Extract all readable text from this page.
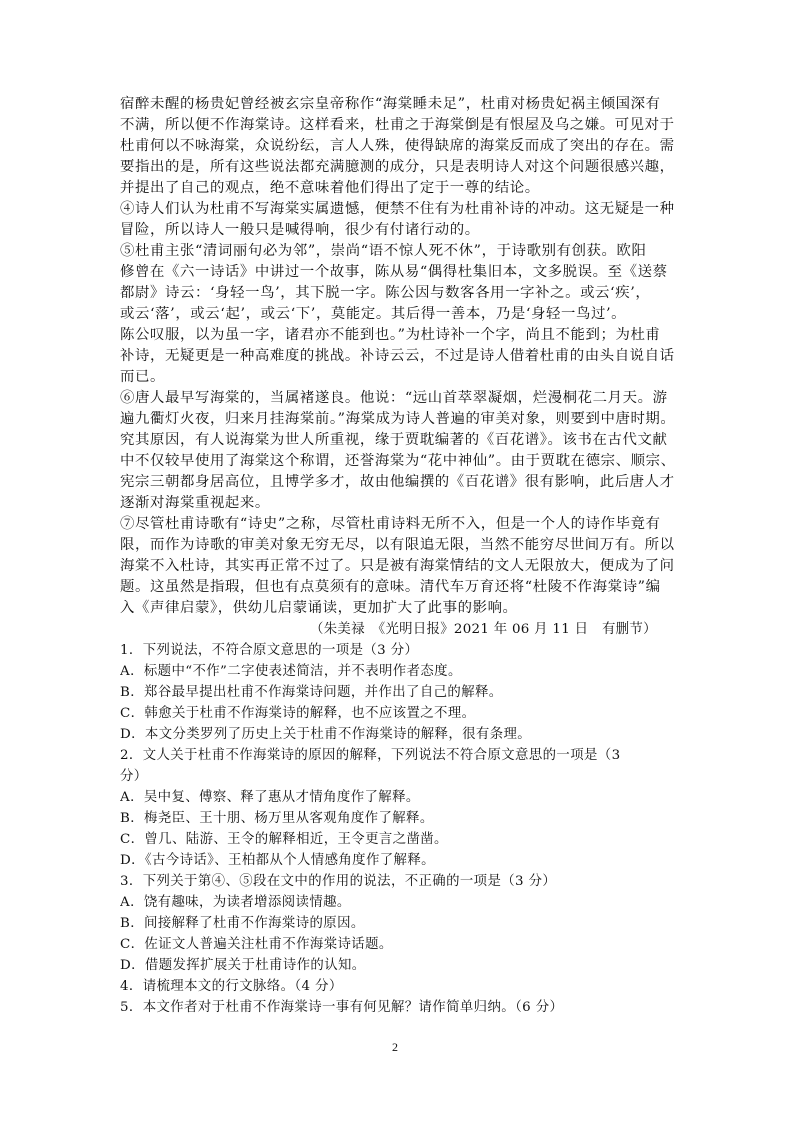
宿醉未醒的杨贵妃曾经被玄宗皇帝称作“海棠睡未足”，杜甫对杨贵妃祸主倾国深有
不满，所以便不作海棠诗。这样看来，杜甫之于海棠倒是有恨屋及乌之嫌。可见对于
杜甫何以不咏海棠，众说纷纭，言人人殊，使得缺席的海棠反而成了突出的存在。需
要指出的是，所有这些说法都充满臆测的成分，只是表明诗人对这个问题很感兴趣，
并提出了自己的观点，绝不意味着他们得出了定于一尊的结论。
④诗人们认为杜甫不写海棠实属遗憾，便禁不住有为杜甫补诗的冲动。这无疑是一种
冒险，所以诗人一般只是喊得响，很少有付诸行动的。
⑤杜甫主张“清词丽句必为邻”，崇尚“语不惊人死不休”，于诗歌别有创获。欧阳
修曾在《六一诗话》中讲过一个故事，陈从易“偶得杜集旧本，文多脱误。至《送蔡
都尉》诗云：‘身轻一鸟’，其下脱一字。陈公因与数客各用一字补之。或云‘疾’，
或云‘落’，或云‘起’，或云‘下’，莫能定。其后得一善本，乃是‘身轻一鸟过’。
陈公叹服，以为虽一字，诸君亦不能到也。”为杜诗补一个字，尚且不能到；为杜甫
补诗，无疑更是一种高难度的挑战。补诗云云，不过是诗人借着杜甫的由头自说自话
而已。
⑥唐人最早写海棠的，当属褚遂良。他说：“远山首萃翠凝烟，烂漫桐花二月天。游
遍九衢灯火夜，归来月挂海棠前。”海棠成为诗人普遍的审美对象，则要到中唐时期。
究其原因，有人说海棠为世人所重视，缘于贾耽编著的《百花谱》。该书在古代文献
中不仅较早使用了海棠这个称谓，还誉海棠为“花中神仙”。由于贾耽在德宗、顺宗、
宪宗三朝都身居高位，且博学多才，故由他编撰的《百花谱》很有影响，此后唐人才
逐渐对海棠重视起来。
⑦尽管杜甫诗歌有“诗史”之称，尽管杜甫诗料无所不入，但是一个人的诗作毕竟有
限，而作为诗歌的审美对象无穷无尽，以有限追无限，当然不能穷尽世间万有。所以
海棠不入杜诗，其实再正常不过了。只是被有海棠情结的文人无限放大，便成为了问
题。这虽然是指瑕，但也有点莫须有的意味。清代车万育还将“杜陵不作海棠诗”编
入《声律启蒙》，供幼儿启蒙诵读，更加扩大了此事的影响。
（朱美禄　《光明日报》2021 年 06 月 11 日　有删节）
1．下列说法，不符合原文意思的一项是（3 分）
A．标题中“不作”二字使表述简洁，并不表明作者态度。
B．郑谷最早提出杜甫不作海棠诗问题，并作出了自己的解释。
C．韩愈关于杜甫不作海棠诗的解释，也不应该置之不理。
D．本文分类罗列了历史上关于杜甫不作海棠诗的解释，很有条理。
2．文人关于杜甫不作海棠诗的原因的解释，下列说法不符合原文意思的一项是（3
分）
A．吴中复、傅察、释了惠从才情角度作了解释。
B．梅尧臣、王十朋、杨万里从客观角度作了解释。
C．曾几、陆游、王令的解释相近，王令更言之凿凿。
D．《古今诗话》、王柏都从个人情感角度作了解释。
3．下列关于第④、⑤段在文中的作用的说法，不正确的一项是（3 分）
A．饶有趣味，为读者增添阅读情趣。
B．间接解释了杜甫不作海棠诗的原因。
C．佐证文人普遍关注杜甫不作海棠诗话题。
D．借题发挥扩展关于杜甫诗作的认知。
4．请梳理本文的行文脉络。（4 分）
5．本文作者对于杜甫不作海棠诗一事有何见解？请作简单归纳。（6 分）
2
